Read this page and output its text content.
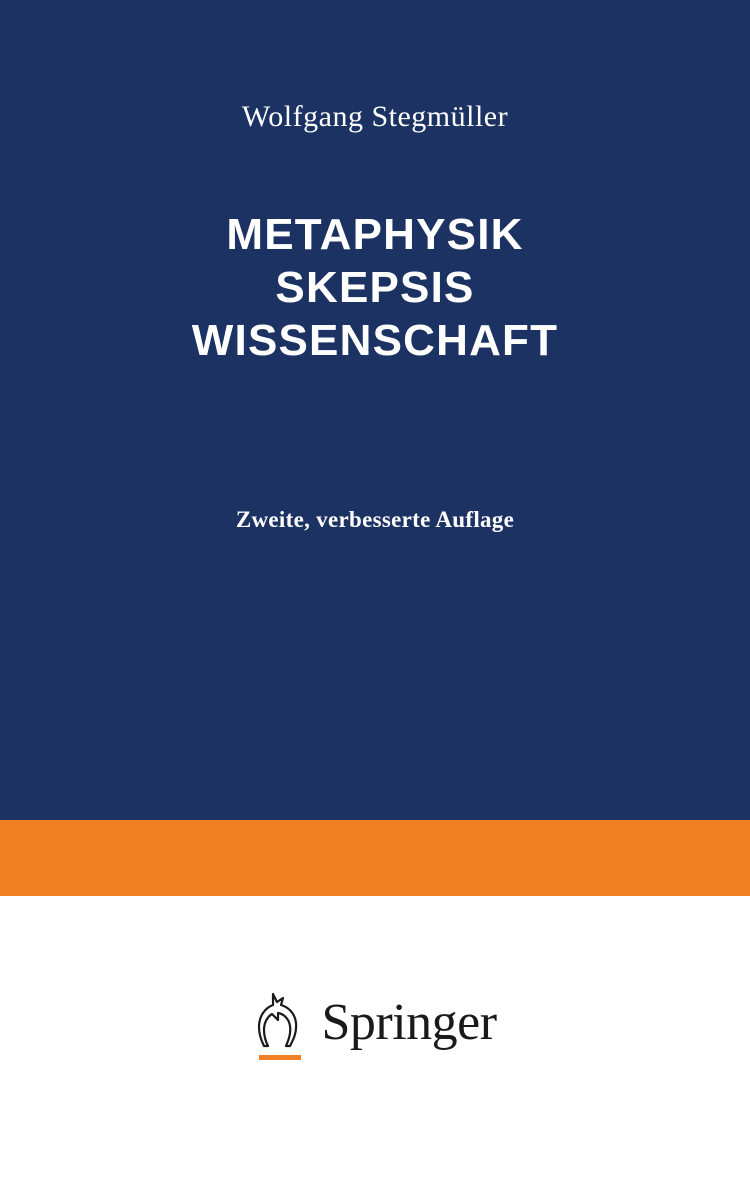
Wolfgang Stegmüller
METAPHYSIK
SKEPSIS
WISSENSCHAFT
Zweite, verbesserte Auflage
Springer
